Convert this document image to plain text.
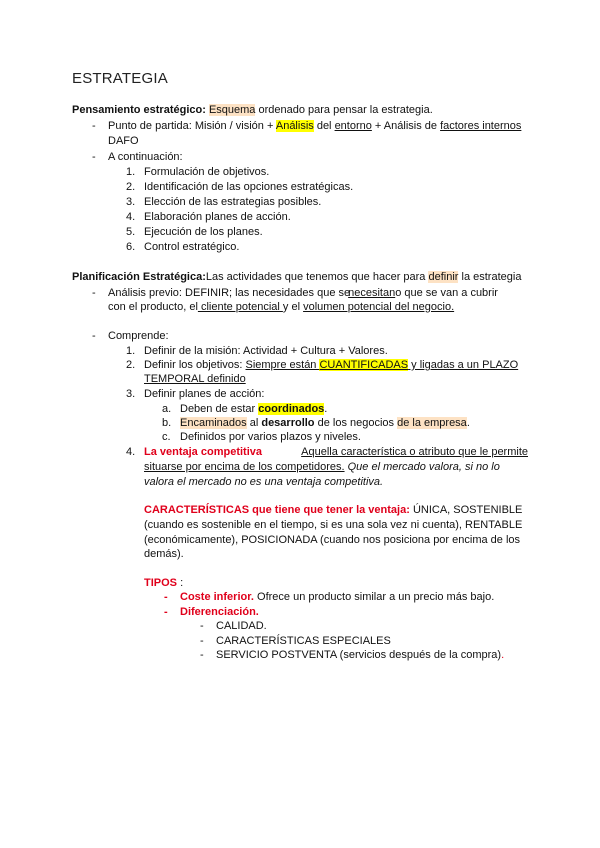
ESTRATEGIA
Pensamiento estratégico: Esquema ordenado para pensar la estrategia.
- Punto de partida: Misión / visión + Análisis del entorno + Análisis de factores internos
DAFO
- A continuación:
1. Formulación de objetivos.
2. Identificación de las opciones estratégicas.
3. Elección de las estrategias posibles.
4. Elaboración planes de acción.
5. Ejecución de los planes.
6. Control estratégico.
Planificación Estratégica:Las actividades que tenemos que hacer para definir la estrategia
- Análisis previo: DEFINIR; las necesidades que se
necesitan o que se van a cubrir
con el producto, el cliente potencial y el volumen potencial del negocio.
- Comprende:
1. Definir de la misión: Actividad + Cultura + Valores.
2. Definir los objetivos: Siempre están CUANTIFICADAS y ligadas a un PLAZO
TEMPORAL definido
3. Definir planes de acción:
a. Deben de estar coordinados.
b. Encaminados al desarrollo de los negocios de la empresa.
c. Definidos por varios plazos y niveles.
4. La ventaja competitiva	Aquella característica o atributo que le permite
situarse por encima de los competidores. Que el mercado valora, si no lo
valora el mercado no es una ventaja competitiva.
CARACTERÍSTICAS que tiene que tener la ventaja: ÚNICA, SOSTENIBLE
(cuando es sostenible en el tiempo, si es una sola vez ni cuenta), RENTABLE
(económicamente), POSICIONADA (cuando nos posiciona por encima de los
demás).
TIPOS :
- Coste inferior. Ofrece un producto similar a un precio más bajo.
- Diferenciación.
- CALIDAD.
- CARACTERÍSTICAS ESPECIALES
- SERVICIO POSTVENTA (servicios después de la compra).
